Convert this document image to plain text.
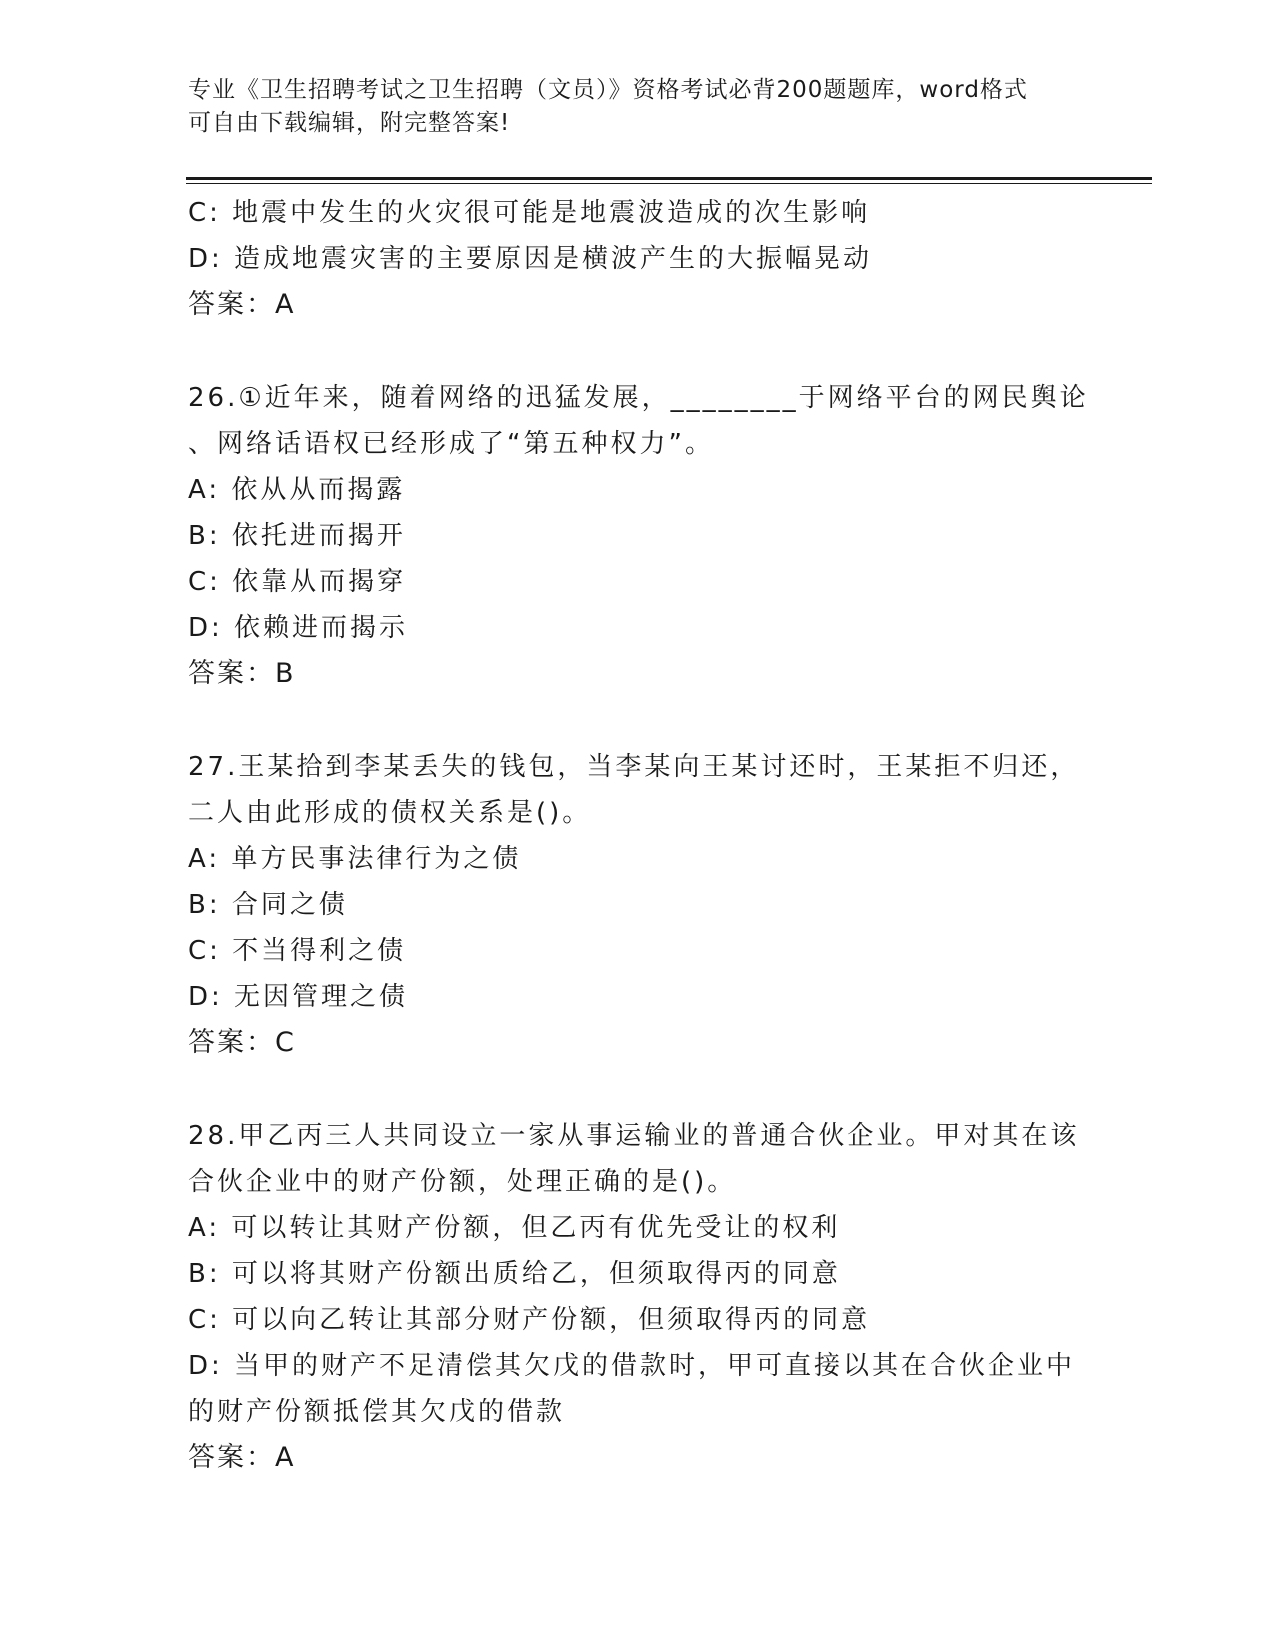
专业《卫生招聘考试之卫生招聘（文员）》资格考试必背200题题库，word格式
可自由下载编辑，附完整答案!
C: 地震中发生的火灾很可能是地震波造成的次生影响
D: 造成地震灾害的主要原因是横波产生的大振幅晃动
答案：A
26.①近年来，随着网络的迅猛发展，________于网络平台的网民舆论
、网络话语权已经形成了“第五种权力”。
A: 依从从而揭露
B: 依托进而揭开
C: 依靠从而揭穿
D: 依赖进而揭示
答案：B
27.王某拾到李某丢失的钱包，当李某向王某讨还时，王某拒不归还，
二人由此形成的债权关系是()。
A: 单方民事法律行为之债
B: 合同之债
C: 不当得利之债
D: 无因管理之债
答案：C
28.甲乙丙三人共同设立一家从事运输业的普通合伙企业。甲对其在该
合伙企业中的财产份额，处理正确的是()。
A: 可以转让其财产份额，但乙丙有优先受让的权利
B: 可以将其财产份额出质给乙，但须取得丙的同意
C: 可以向乙转让其部分财产份额，但须取得丙的同意
D: 当甲的财产不足清偿其欠戊的借款时，甲可直接以其在合伙企业中
的财产份额抵偿其欠戊的借款
答案：A
